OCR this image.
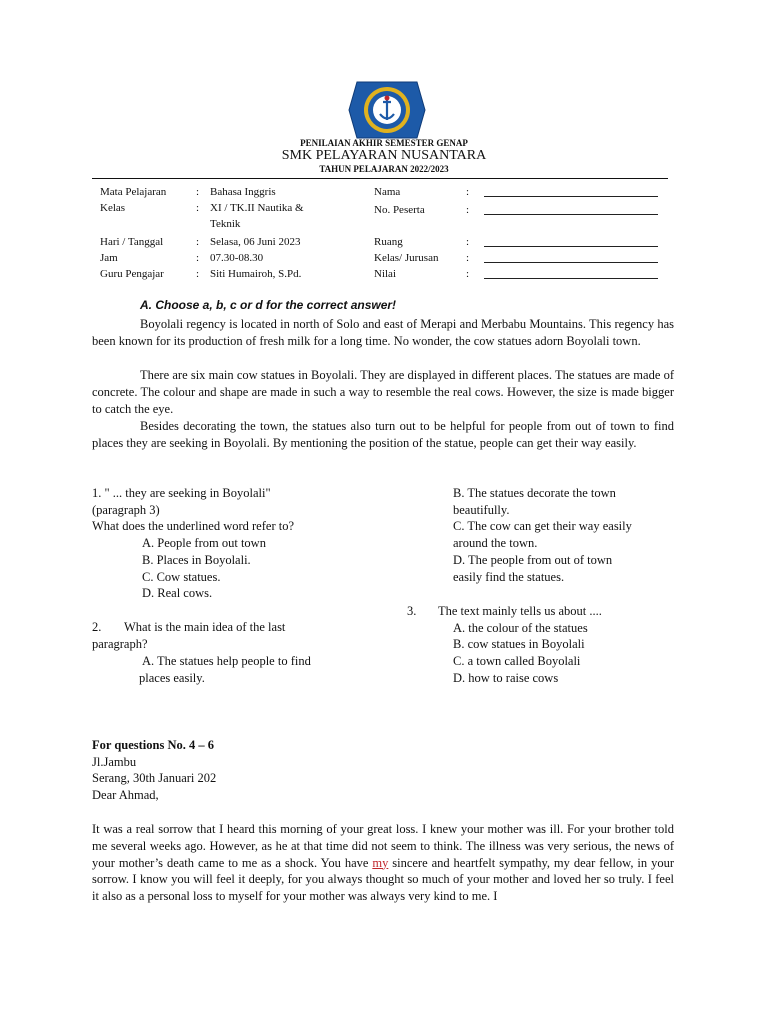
PENILAIAN AKHIR SEMESTER GENAP
SMK PELAYARAN NUSANTARA
TAHUN PELAJARAN 2022/2023
Mata Pelajaran	: Bahasa Inggris
Kelas	: XI / TK.II Nautika &
Teknik
Hari / Tanggal	: Selasa, 06 Juni 2023
Jam	: 07.30-08.30
Guru Pengajar	: Siti Humairoh, S.Pd.
Nama	:
No. Peserta	:
Ruang	:
Kelas/ Jurusan	:
Nilai	:
A. Choose a, b, c or d for the correct answer!

Boyolali regency is located in north of Solo and east of Merapi and Merbabu Mountains. This regency has been known for its production of fresh milk for a long time. No wonder, the cow statues adorn Boyolali town.

There are six main cow statues in Boyolali. They are displayed in different places. The statues are made of concrete. The colour and shape are made in such a way to resemble the real cows. However, the size is made bigger to catch the eye.

Besides decorating the town, the statues also turn out to be helpful for people from out of town to find places they are seeking in Boyolali. By mentioning the position of the statue, people can get their way easily.

1. " ... they are seeking in Boyolali"
(paragraph 3)
What does the underlined word refer to?
A. People from out town
B. Places in Boyolali.
C. Cow statues.
D. Real cows.
B. The statues decorate the town
beautifully.
C. The cow can get their way easily
around the town.
D. The people from out of town
easily find the statues.
2. What is the main idea of the last
paragraph?
A. The statues help people to find
places easily.
3. The text mainly tells us about ....
A. the colour of the statues
B. cow statues in Boyolali
C. a town called Boyolali
D. how to raise cows
For questions No. 4 – 6
Jl.Jambu
Serang, 30th Januari 202
Dear Ahmad,

It was a real sorrow that I heard this morning of your great loss. I knew your mother was ill. For your brother told me several weeks ago. However, as he at that time did not seem to think. The illness was very serious, the news of your mother’s death came to me as a shock. You have my sincere and heartfelt sympathy, my dear fellow, in your sorrow. I know you will feel it deeply, for you always thought so much of your mother and loved her so truly. I feel it also as a personal loss to myself for your mother was always very kind to me. I
